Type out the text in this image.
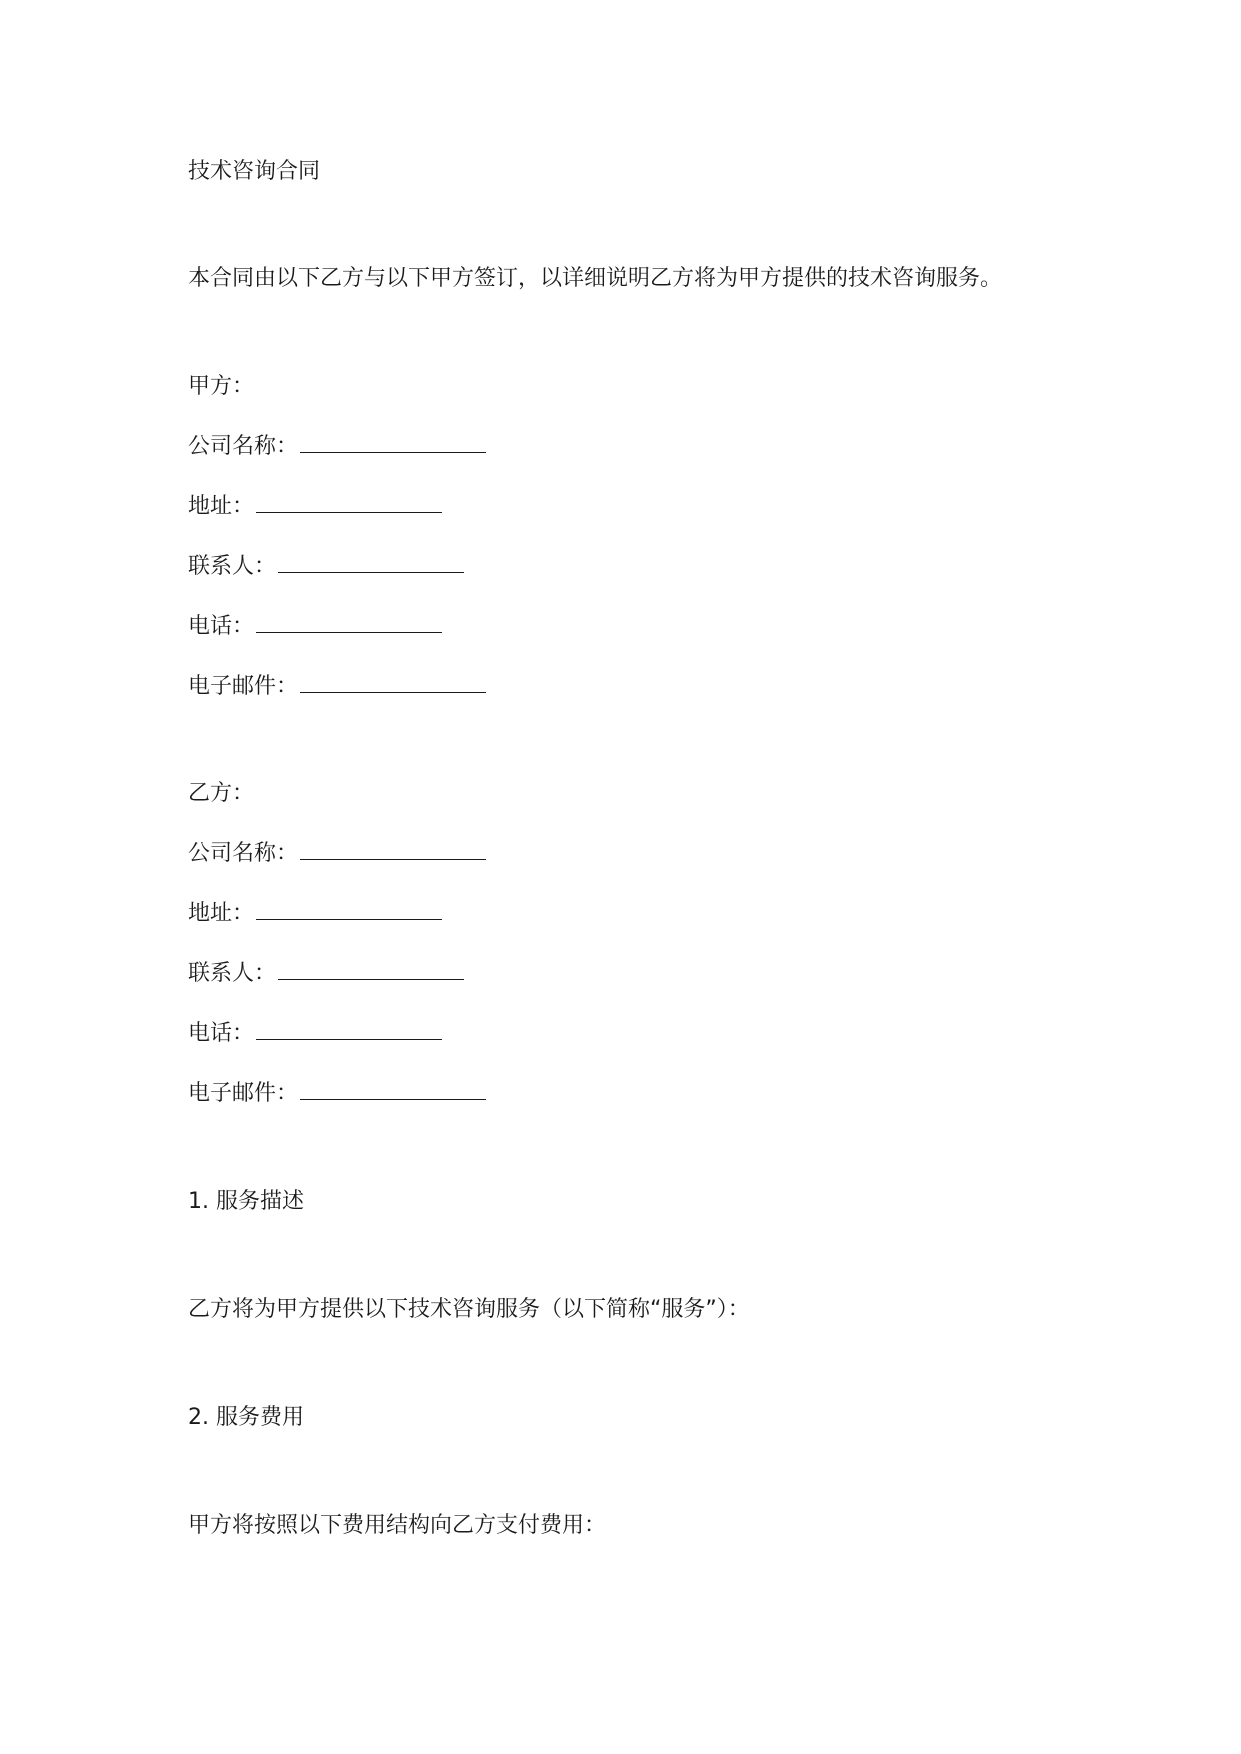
技术咨询合同
本合同由以下乙方与以下甲方签订，以详细说明乙方将为甲方提供的技术咨询服务。
甲方：
公司名称：
地址：
联系人：
电话：
电子邮件：
乙方：
公司名称：
地址：
联系人：
电话：
电子邮件：
1. 服务描述
乙方将为甲方提供以下技术咨询服务（以下简称“服务”）：
2. 服务费用
甲方将按照以下费用结构向乙方支付费用：
